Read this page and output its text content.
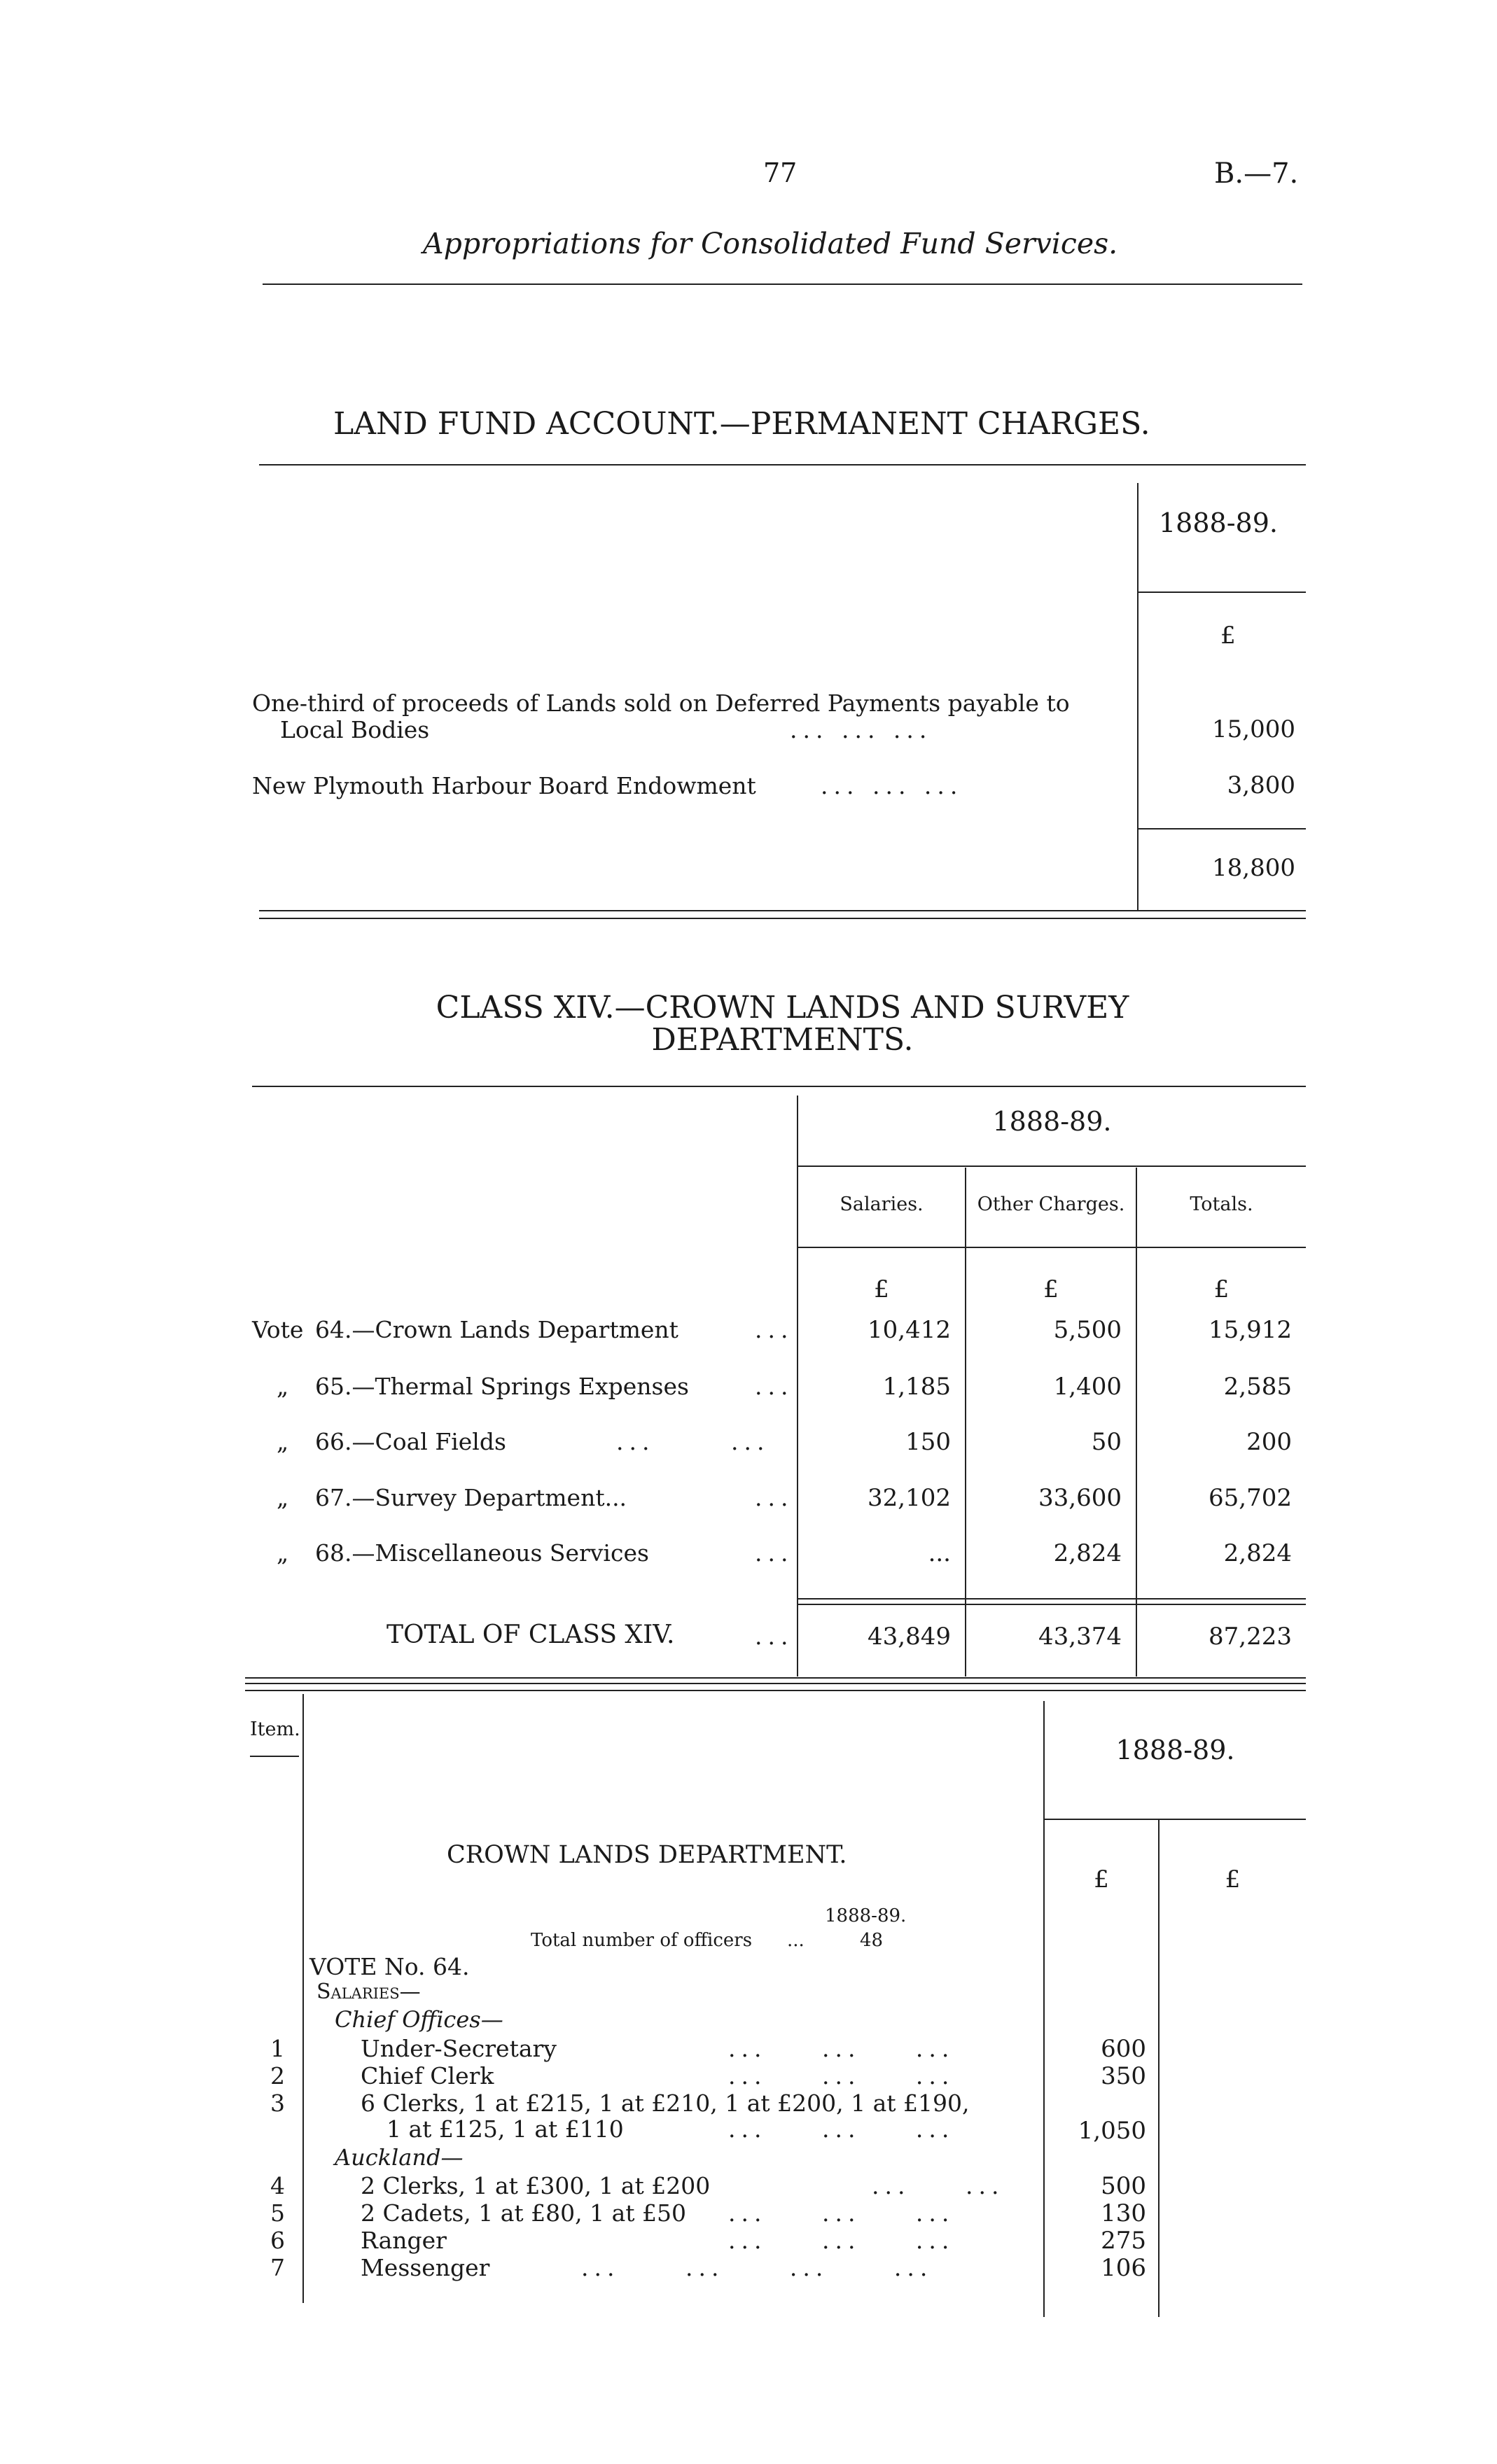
77	B.—7.
Appropriations for Consolidated Fund Services.
LAND FUND ACCOUNT.—PERMANENT CHARGES.
1888-89.
£
One-third of proceeds of Lands sold on Deferred Payments payable to
Local Bodies	... ... ...	15,000
New Plymouth Harbour Board Endowment	... ... ...	3,800
18,800
CLASS XIV.—CROWN LANDS AND SURVEY
DEPARTMENTS.
1888-89.
Salaries.	Other Charges.	Totals.
£	£	£
Vote 64.—Crown Lands Department	...	10,412	5,500	15,912
„ 65.—Thermal Springs Expenses	...	1,185	1,400	2,585
„ 66.—Coal Fields	... ...	150	50	200
„ 67.—Survey Department...	...	32,102	33,600	65,702
„ 68.—Miscellaneous Services	...	...	2,824	2,824
TOTAL OF CLASS XIV.	...	43,849	43,374	87,223
Item.
1888-89.
£	£
CROWN LANDS DEPARTMENT.
1888-89.
Total number of officers ...	48
VOTE No. 64.
Salaries—
Chief Offices—
1	Under-Secretary	... ... ...	600
2	Chief Clerk	... ... ...	350
3	6 Clerks, 1 at £215, 1 at £210, 1 at £200, 1 at £190,
1 at £125, 1 at £110	... ... ...	1,050
Auckland—
4	2 Clerks, 1 at £300, 1 at £200	... ...	500
5	2 Cadets, 1 at £80, 1 at £50 ... ... ...	130
6	Ranger	... ... ...	275
7	Messenger	... ... ... ...	106
